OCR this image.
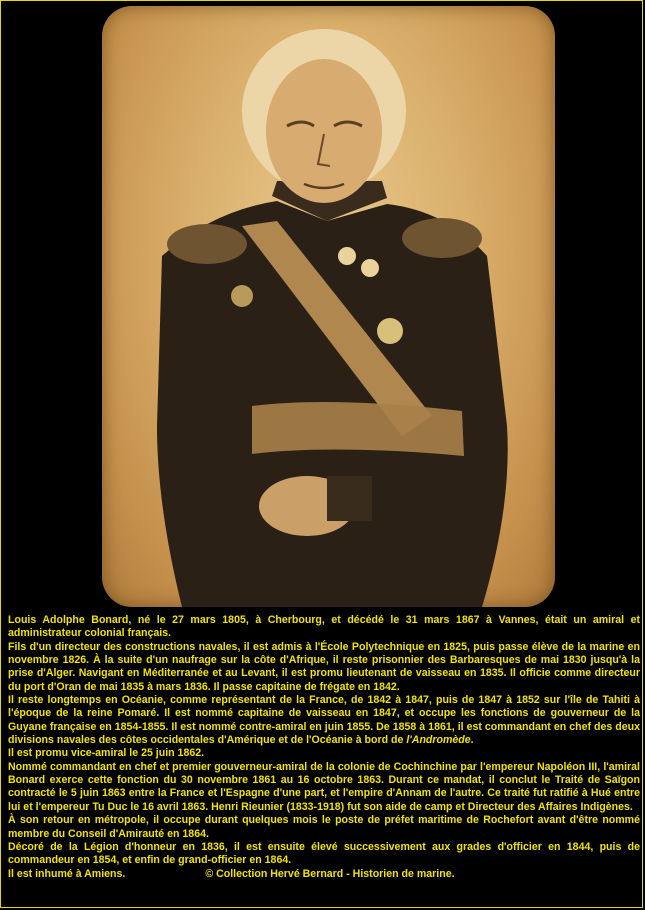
Louis Adolphe Bonard, né le 27 mars 1805, à Cherbourg, et décédé le 31 mars 1867 à Vannes, était un amiral et administrateur colonial français.

Fils d'un directeur des constructions navales, il est admis à l'École Polytechnique en 1825, puis passe élève de la marine en novembre 1826. À la suite d'un naufrage sur la côte d'Afrique, il reste prisonnier des Barbaresques de mai 1830 jusqu'à la prise d'Alger. Navigant en Méditerranée et au Levant, il est promu lieutenant de vaisseau en 1835. Il officie comme directeur du port d'Oran de mai 1835 à mars 1836. Il passe capitaine de frégate en 1842.

Il reste longtemps en Océanie, comme représentant de la France, de 1842 à 1847, puis de 1847 à 1852 sur l'île de Tahiti à l'époque de la reine Pomaré. Il est nommé capitaine de vaisseau en 1847, et occupe les fonctions de gouverneur de la Guyane française en 1854-1855. Il est nommé contre-amiral en juin 1855. De 1858 à 1861, il est commandant en chef des deux divisions navales des côtes occidentales d'Amérique et de l'Océanie à bord de l'Andromède.

Il est promu vice-amiral le 25 juin 1862.

Nommé commandant en chef et premier gouverneur-amiral de la colonie de Cochinchine par l'empereur Napoléon III, l'amiral Bonard exerce cette fonction du 30 novembre 1861 au 16 octobre 1863. Durant ce mandat, il conclut le Traité de Saïgon contracté le 5 juin 1863 entre la France et l'Espagne d'une part, et l'empire d'Annam de l'autre. Ce traité fut ratifié à Hué entre lui et l'empereur Tu Duc le 16 avril 1863. Henri Rieunier (1833-1918) fut son aide de camp et Directeur des Affaires Indigènes.

À son retour en métropole, il occupe durant quelques mois le poste de préfet maritime de Rochefort avant d'être nommé membre du Conseil d'Amirauté en 1864.

Décoré de la Légion d'honneur en 1836, il est ensuite élevé successivement aux grades d'officier en 1844, puis de commandeur en 1854, et enfin de grand-officier en 1864.

Il est inhumé à Amiens.	© Collection Hervé Bernard - Historien de marine.
